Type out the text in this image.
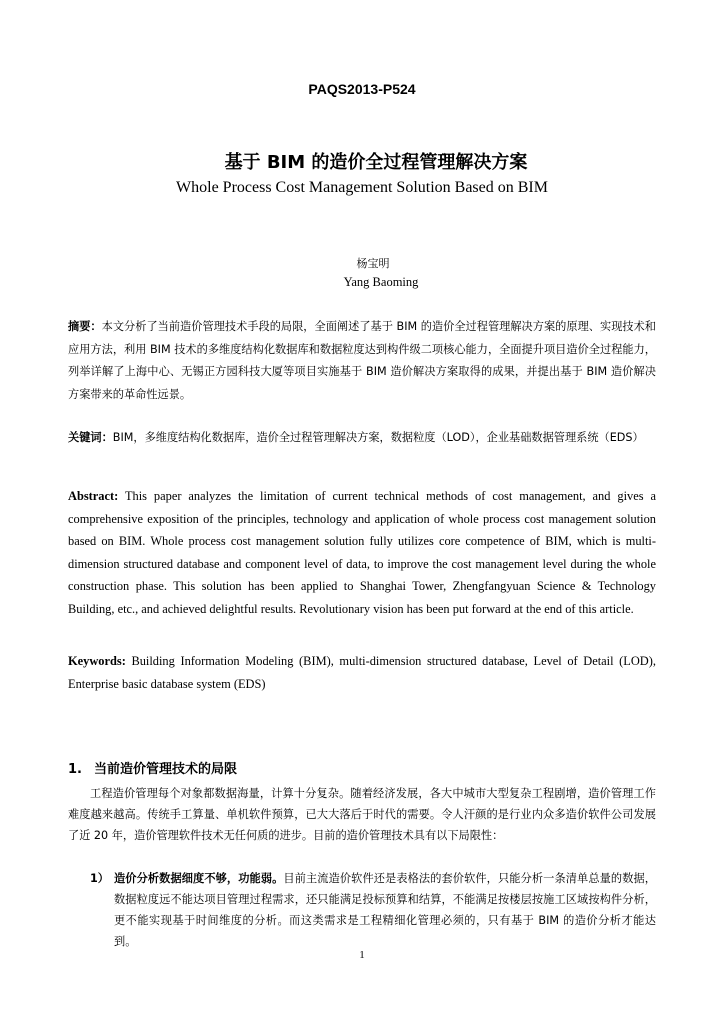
PAQS2013-P524
基于 BIM 的造价全过程管理解决方案
Whole Process Cost Management Solution Based on BIM
杨宝明
Yang Baoming

摘要：本文分析了当前造价管理技术手段的局限，全面阐述了基于 BIM 的造价全过程管理解决方案的原理、实现技术和应用方法，利用 BIM 技术的多维度结构化数据库和数据粒度达到构件级二项核心能力，全面提升项目造价全过程能力，列举详解了上海中心、无锡正方园科技大厦等项目实施基于 BIM 造价解决方案取得的成果，并提出基于 BIM 造价解决方案带来的革命性远景。

关键词：BIM，多维度结构化数据库，造价全过程管理解决方案，数据粒度（LOD），企业基础数据管理系统（EDS）

Abstract: This paper analyzes the limitation of current technical methods of cost management, and gives a comprehensive exposition of the principles, technology and application of whole process cost management solution based on BIM. Whole process cost management solution fully utilizes core competence of BIM, which is multi-dimension structured database and component level of data, to improve the cost management level during the whole construction phase. This solution has been applied to Shanghai Tower, Zhengfangyuan Science & Technology Building, etc., and achieved delightful results. Revolutionary vision has been put forward at the end of this article.

Keywords: Building Information Modeling (BIM), multi-dimension structured database, Level of Detail (LOD), Enterprise basic database system (EDS)

1. 当前造价管理技术的局限

工程造价管理每个对象都数据海量，计算十分复杂。随着经济发展，各大中城市大型复杂工程剧增，造价管理工作难度越来越高。传统手工算量、单机软件预算，已大大落后于时代的需要。令人汗颜的是行业内众多造价软件公司发展了近 20 年，造价管理软件技术无任何质的进步。目前的造价管理技术具有以下局限性：

1） 造价分析数据细度不够，功能弱。目前主流造价软件还是表格法的套价软件，只能分析一条清单总量的数据，数据粒度远不能达项目管理过程需求，还只能满足投标预算和结算，不能满足按楼层按施工区域按构件分析，更不能实现基于时间维度的分析。而这类需求是工程精细化管理必须的，只有基于 BIM 的造价分析才能达到。
1
